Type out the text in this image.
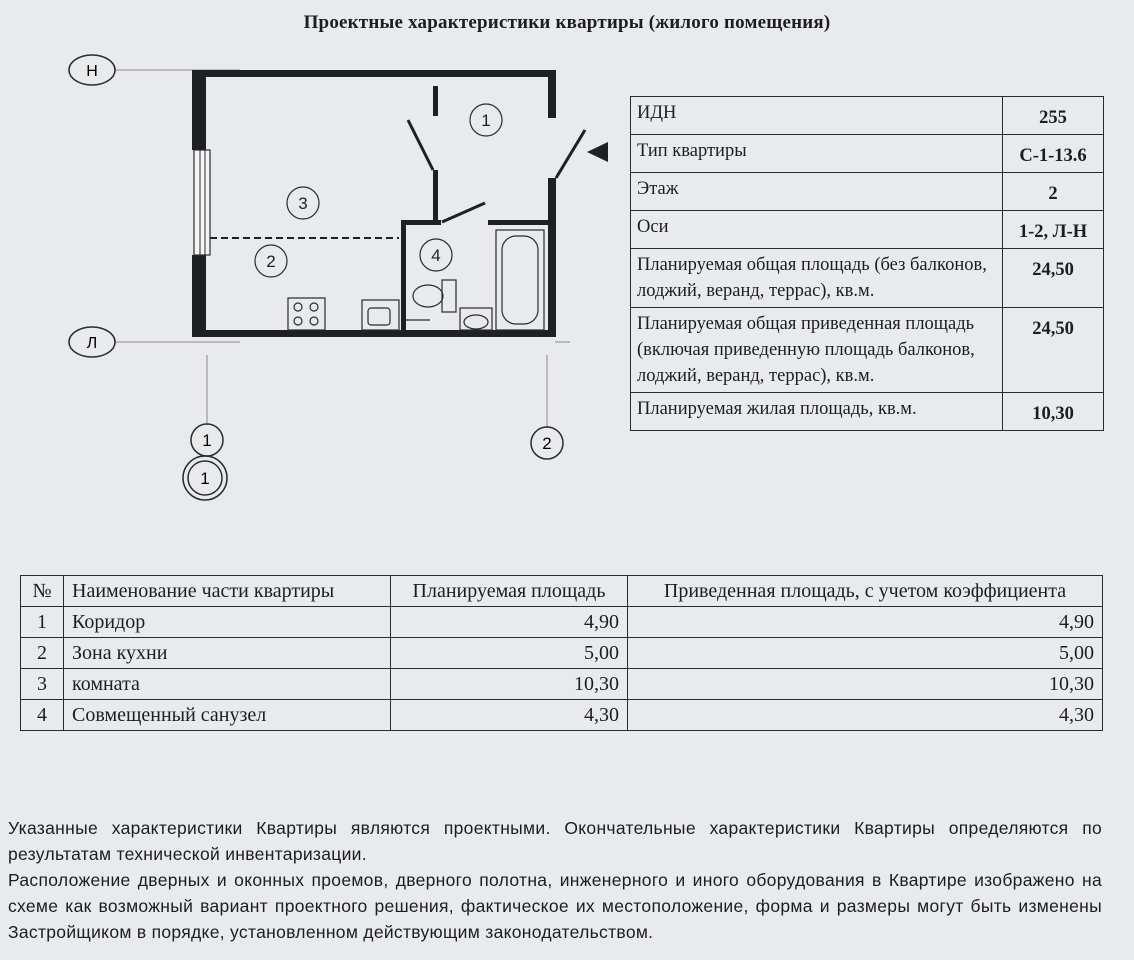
Проектные характеристики квартиры (жилого помещения)
Н
Л
1
1
2
1
3
2	4
ИДН	255
Тип квартиры	С-1-13.6
Этаж	2
Оси	1-2, Л-Н
Планируемая общая площадь (без балконов, лоджий, веранд, террас), кв.м.	24,50
Планируемая общая приведенная площадь (включая приведенную площадь балконов, лоджий, веранд, террас), кв.м.	24,50
Планируемая жилая площадь, кв.м.	10,30
№	Наименование части квартиры	Планируемая площадь	Приведенная площадь, с учетом коэффициента
1	Коридор	4,90	4,90
2	Зона кухни	5,00	5,00
3	комната	10,30	10,30
4	Совмещенный санузел	4,30	4,30

Указанные характеристики Квартиры являются проектными. Окончательные характеристики Квартиры определяются по результатам технической инвентаризации.

Расположение дверных и оконных проемов, дверного полотна, инженерного и иного оборудования в Квартире изображено на схеме как возможный вариант проектного решения, фактическое их местоположение, форма и размеры могут быть изменены Застройщиком в порядке, установленном действующим законодательством.
